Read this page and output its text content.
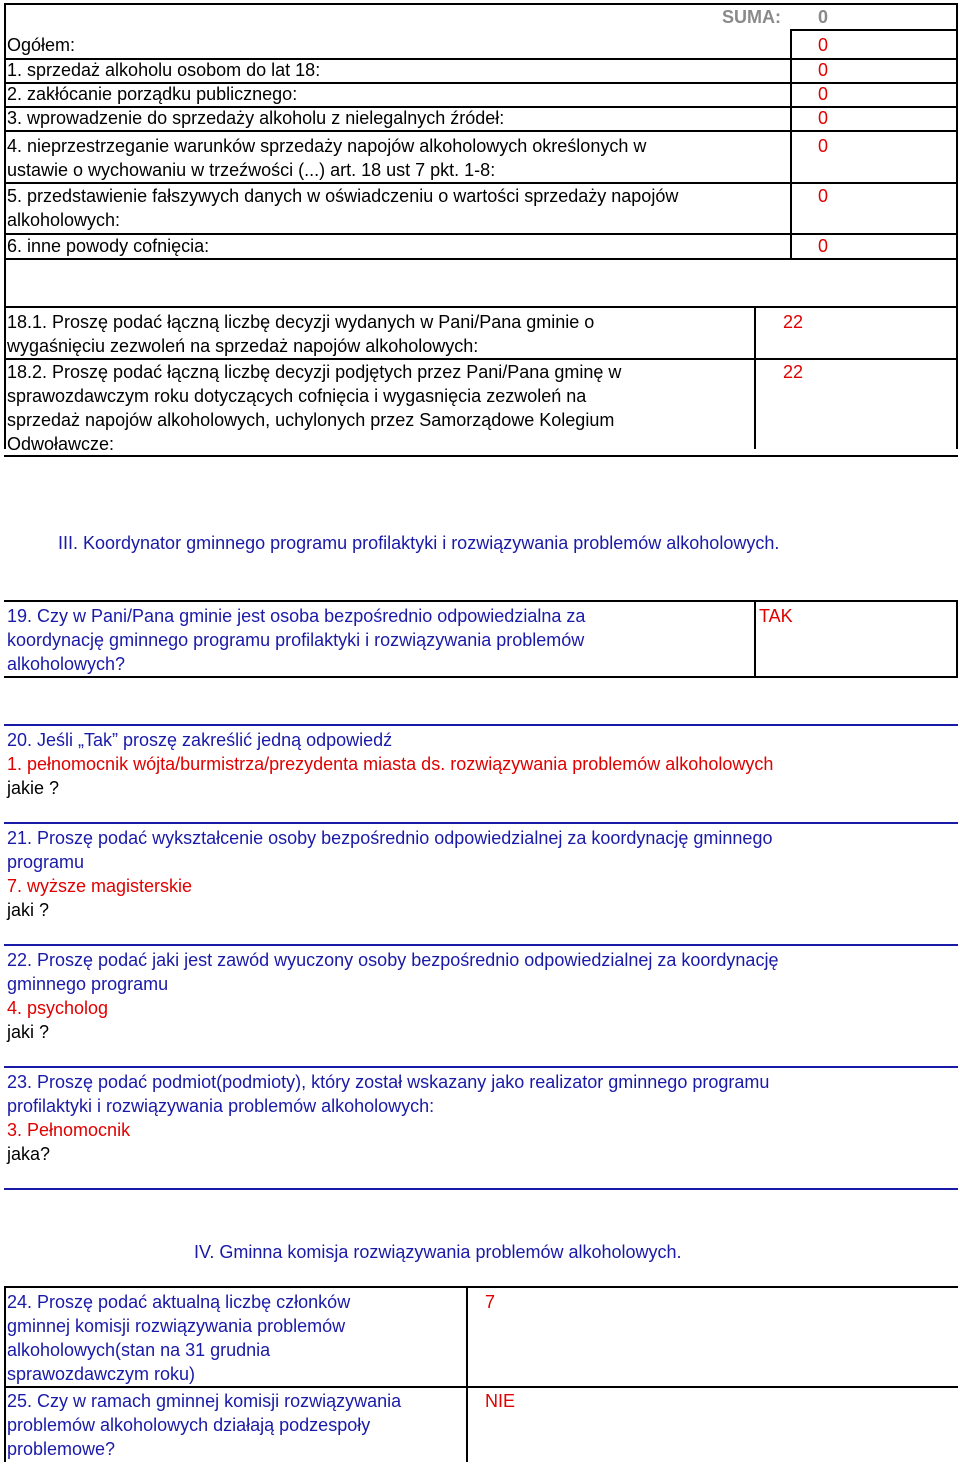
SUMA: 0
Ogółem:	0
1. sprzedaż alkoholu osobom do lat 18:	0
2. zakłócanie porządku publicznego:	0
3. wprowadzenie do sprzedaży alkoholu z nielegalnych źródeł:	0
4. nieprzestrzeganie warunków sprzedaży napojów alkoholowych określonych w
ustawie o wychowaniu w trzeźwości (...) art. 18 ust 7 pkt. 1-8:
0
5. przedstawienie fałszywych danych w oświadczeniu o wartości sprzedaży napojów
alkoholowych:
0
6. inne powody cofnięcia:	0
18.1. Proszę podać łączną liczbę decyzji wydanych w Pani/Pana gminie o
wygaśnięciu zezwoleń na sprzedaż napojów alkoholowych:
22
18.2. Proszę podać łączną liczbę decyzji podjętych przez Pani/Pana gminę w
sprawozdawczym roku dotyczących cofnięcia i wygasnięcia zezwoleń na
sprzedaż napojów alkoholowych, uchylonych przez Samorządowe Kolegium
Odwoławcze:
22
III. Koordynator gminnego programu profilaktyki i rozwiązywania problemów alkoholowych.
19. Czy w Pani/Pana gminie jest osoba bezpośrednio odpowiedzialna za
koordynację gminnego programu profilaktyki i rozwiązywania problemów
alkoholowych?
TAK
20. Jeśli „Tak” proszę zakreślić jedną odpowiedź
1. pełnomocnik wójta/burmistrza/prezydenta miasta ds. rozwiązywania problemów alkoholowych
jakie ?
21. Proszę podać wykształcenie osoby bezpośrednio odpowiedzialnej za koordynację gminnego
programu
7. wyższe magisterskie
jaki ?
22. Proszę podać jaki jest zawód wyuczony osoby bezpośrednio odpowiedzialnej za koordynację
gminnego programu
4. psycholog
jaki ?
23. Proszę podać podmiot(podmioty), który został wskazany jako realizator gminnego programu
profilaktyki i rozwiązywania problemów alkoholowych:
3. Pełnomocnik
jaka?
IV. Gminna komisja rozwiązywania problemów alkoholowych.
24. Proszę podać aktualną liczbę członków
gminnej komisji rozwiązywania problemów
alkoholowych(stan na 31 grudnia
sprawozdawczym roku)
7
25. Czy w ramach gminnej komisji rozwiązywania
problemów alkoholowych działają podzespoły
problemowe?
NIE
